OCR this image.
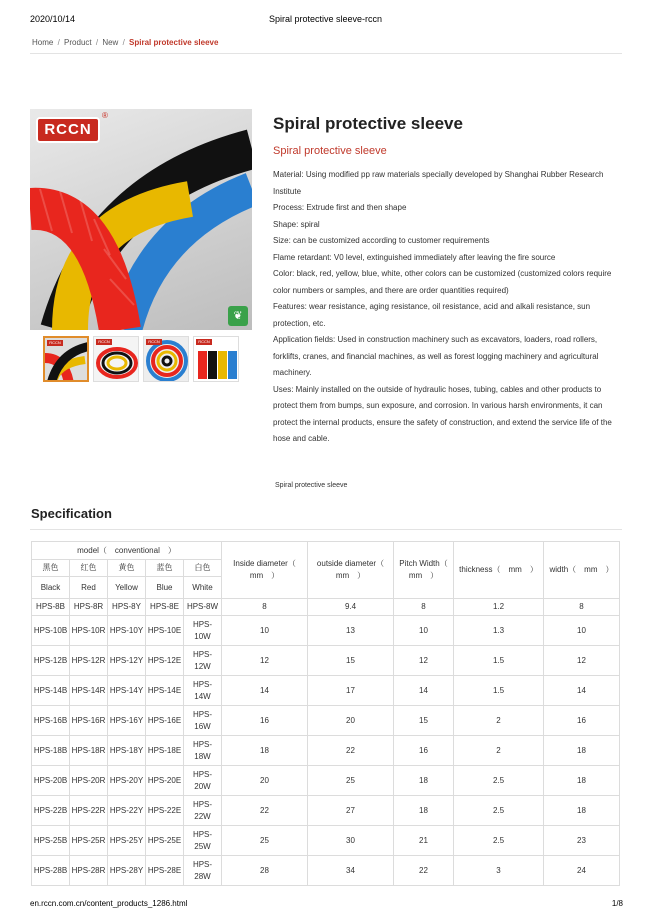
2020/10/14	Spiral protective sleeve-rccn
Home / Product / New / Spiral protective sleeve
RCCN
®
❦
RCCN	RCCN	RCCN	RCCN
Spiral protective sleeve
Spiral protective sleeve
Material: Using modified pp raw materials specially developed by Shanghai Rubber Research Institute
Process: Extrude first and then shape
Shape: spiral
Size: can be customized according to customer requirements
Flame retardant: V0 level, extinguished immediately after leaving the fire source
Color: black, red, yellow, blue, white, other colors can be customized (customized colors require color numbers or samples, and there are order quantities required)
Features: wear resistance, aging resistance, oil resistance, acid and alkali resistance, sun protection, etc.
Application fields: Used in construction machinery such as excavators, loaders, road rollers, forklifts, cranes, and financial machines, as well as forest logging machinery and agricultural machinery.
Uses: Mainly installed on the outside of hydraulic hoses, tubing, cables and other products to protect them from bumps, sun exposure, and corrosion. In various harsh environments, it can protect the internal products, ensure the safety of construction, and extend the service life of the hose and cable.
Spiral protective sleeve
Specification
model（　conventional　）					Inside diameter（　mm　）	outside diameter（　mm　）	Pitch Width（　mm　）	thickness（　mm　）	width（　mm　）
黑色	红色	黄色	蓝色	白色					
Black	Red	Yellow	Blue	White					
HPS-8B	HPS-8R	HPS-8Y	HPS-8E	HPS-8W	8	9.4	8	1.2	8
HPS-10B	HPS-10R	HPS-10Y	HPS-10E	HPS-10W	10	13	10	1.3	10
HPS-12B	HPS-12R	HPS-12Y	HPS-12E	HPS-12W	12	15	12	1.5	12
HPS-14B	HPS-14R	HPS-14Y	HPS-14E	HPS-14W	14	17	14	1.5	14
HPS-16B	HPS-16R	HPS-16Y	HPS-16E	HPS-16W	16	20	15	2	16
HPS-18B	HPS-18R	HPS-18Y	HPS-18E	HPS-18W	18	22	16	2	18
HPS-20B	HPS-20R	HPS-20Y	HPS-20E	HPS-20W	20	25	18	2.5	18
HPS-22B	HPS-22R	HPS-22Y	HPS-22E	HPS-22W	22	27	18	2.5	18
HPS-25B	HPS-25R	HPS-25Y	HPS-25E	HPS-25W	25	30	21	2.5	23
HPS-28B	HPS-28R	HPS-28Y	HPS-28E	HPS-28W	28	34	22	3	24
en.rccn.com.cn/content_products_1286.html	1/8
